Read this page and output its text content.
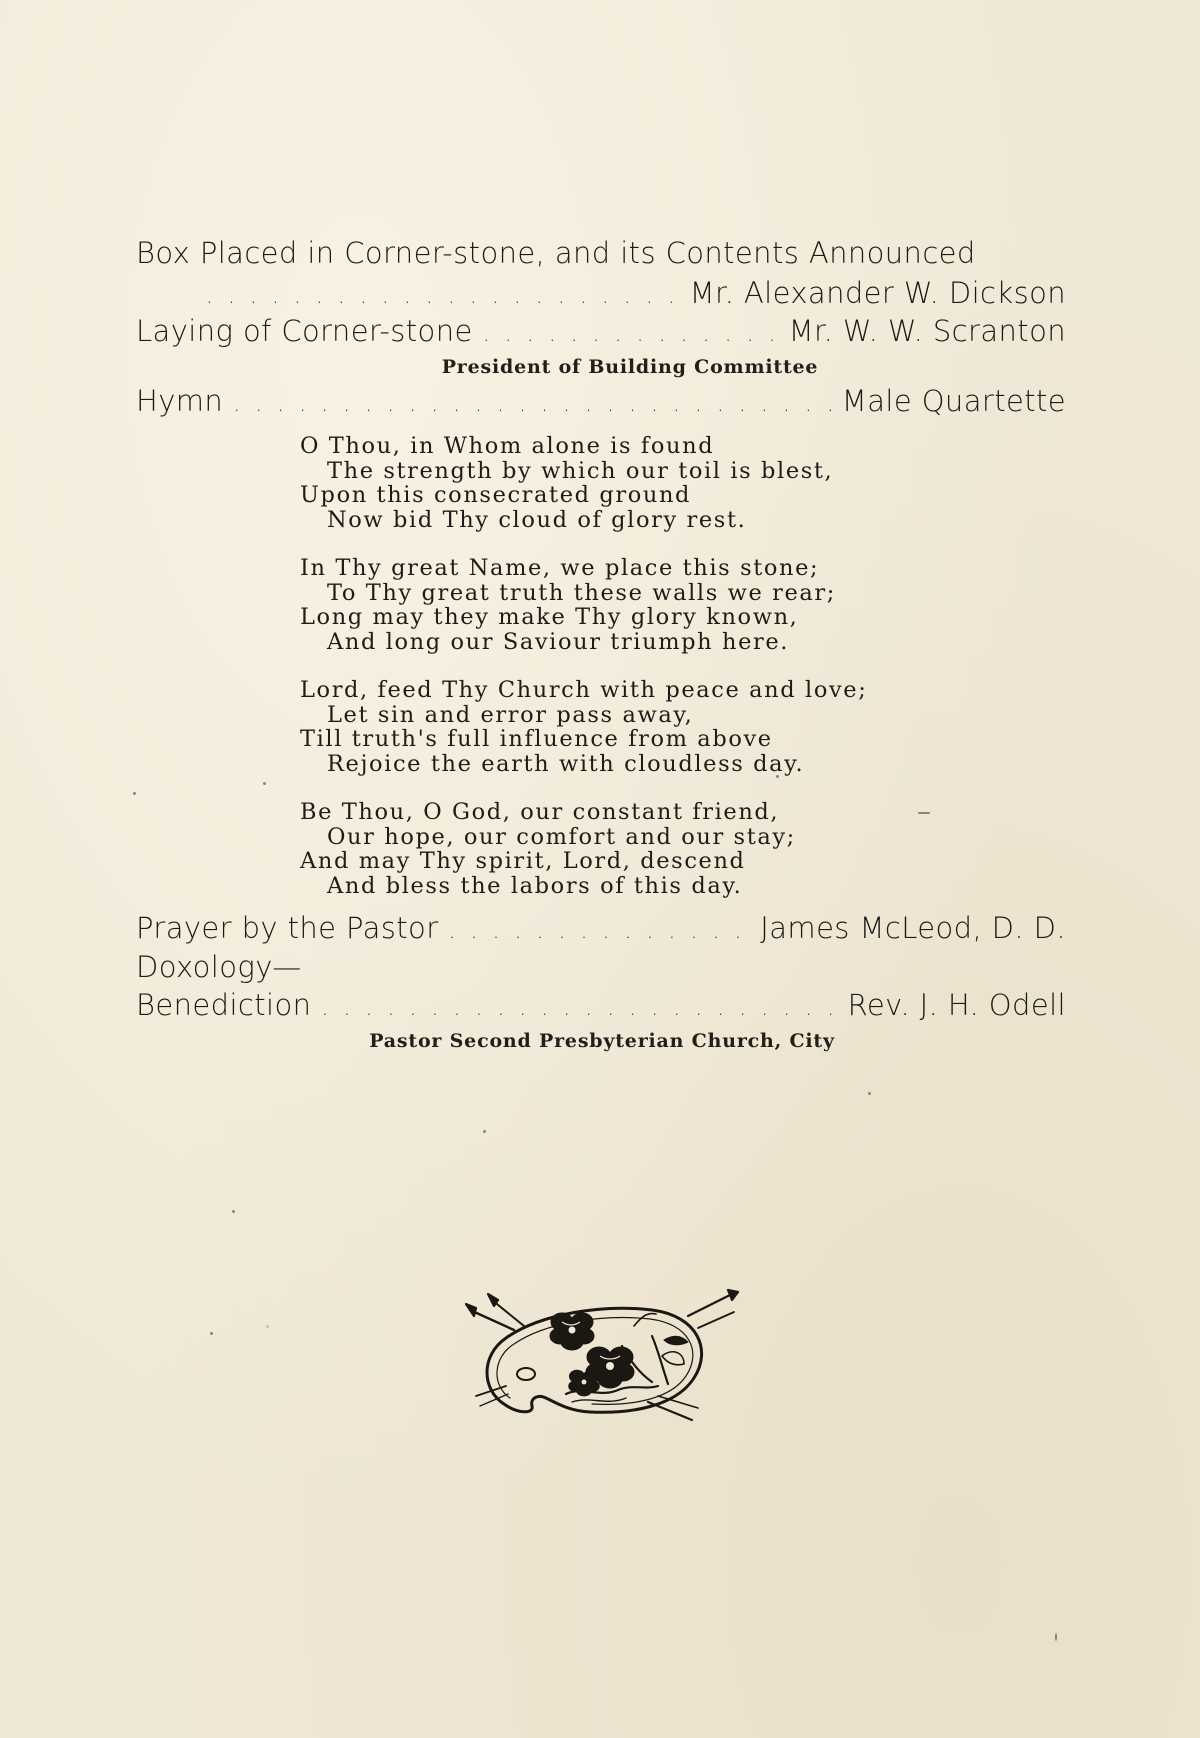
Box Placed in Corner-stone, and its Contents Announced
. . .
Mr. Alexander W. Dickson
Laying of Corner-stone . . .	Mr. W. W. Scranton
President of Building Committee
Hymn . . .	Male Quartette
O Thou, in Whom alone is found
The strength by which our toil is blest,
Upon this consecrated ground
Now bid Thy cloud of glory rest.
In Thy great Name, we place this stone;
To Thy great truth these walls we rear;
Long may they make Thy glory known,
And long our Saviour triumph here.
Lord, feed Thy Church with peace and love;
Let sin and error pass away,
Till truth's full influence from above
Rejoice the earth with cloudless day.
Be Thou, O God, our constant friend,
Our hope, our comfort and our stay;
And may Thy spirit, Lord, descend
And bless the labors of this day.
Prayer by the Pastor . . .	James McLeod, D. D.
Doxology—
Benediction . . .	Rev. J. H. Odell
Pastor Second Presbyterian Church, City
